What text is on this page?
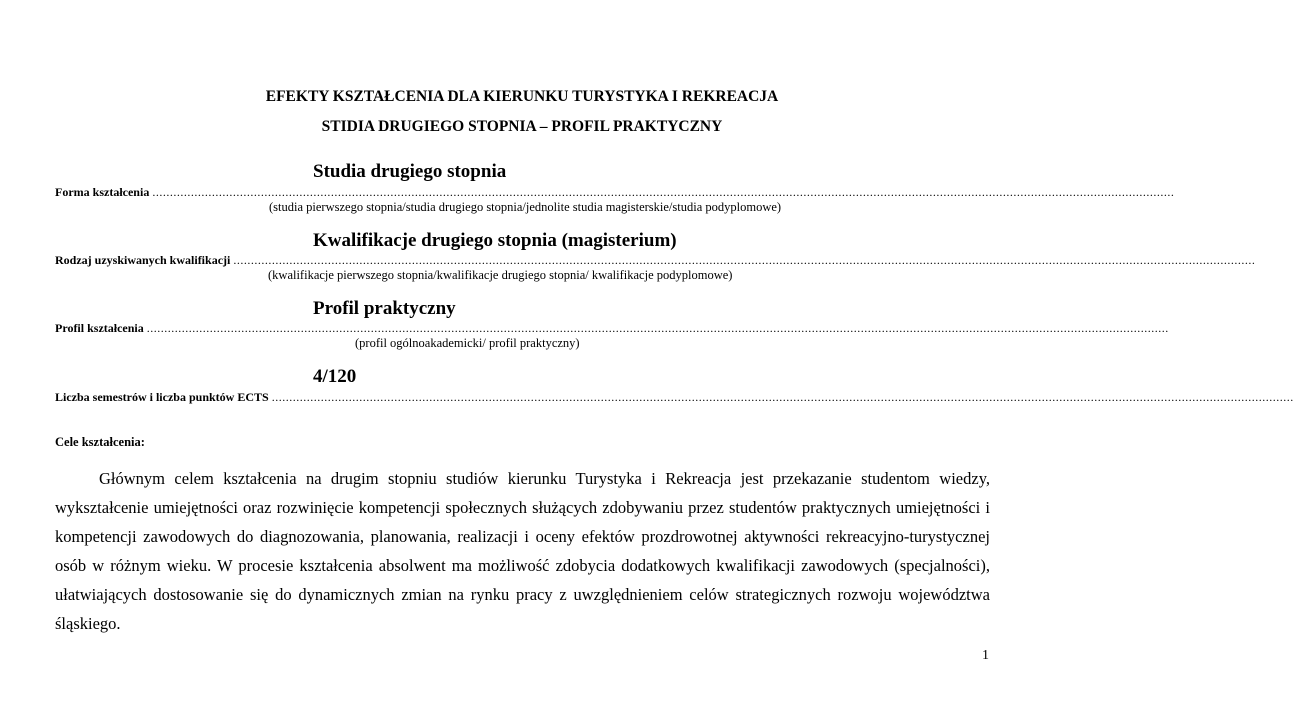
EFEKTY KSZTAŁCENIA DLA KIERUNKU TURYSTYKA I REKREACJA
STIDIA DRUGIEGO STOPNIA – PROFIL PRAKTYCZNY
Studia drugiego stopnia
Forma kształcenia ....................................................................................................................................................................................................................................................................................................
(studia pierwszego stopnia/studia drugiego stopnia/jednolite studia magisterskie/studia podyplomowe)
Kwalifikacje drugiego stopnia (magisterium)
Rodzaj uzyskiwanych kwalifikacji ....................................................................................................................................................................................................................................................................................................
(kwalifikacje pierwszego stopnia/kwalifikacje drugiego stopnia/ kwalifikacje podyplomowe)
Profil praktyczny
Profil kształcenia ....................................................................................................................................................................................................................................................................................................
(profil ogólnoakademicki/ profil praktyczny)
4/120
Liczba semestrów i liczba punktów ECTS ....................................................................................................................................................................................................................................................................................................
Cele kształcenia:

Głównym celem kształcenia na drugim stopniu studiów kierunku Turystyka i Rekreacja jest przekazanie studentom wiedzy, wykształcenie umiejętności oraz rozwinięcie kompetencji społecznych służących zdobywaniu przez studentów praktycznych umiejętności i kompetencji zawodowych do diagnozowania, planowania, realizacji i oceny efektów prozdrowotnej aktywności rekreacyjno-turystycznej osób w różnym wieku. W procesie kształcenia absolwent ma możliwość zdobycia dodatkowych kwalifikacji zawodowych (specjalności), ułatwiających dostosowanie się do dynamicznych zmian na rynku pracy z uwzględnieniem celów strategicznych rozwoju województwa śląskiego.

1
